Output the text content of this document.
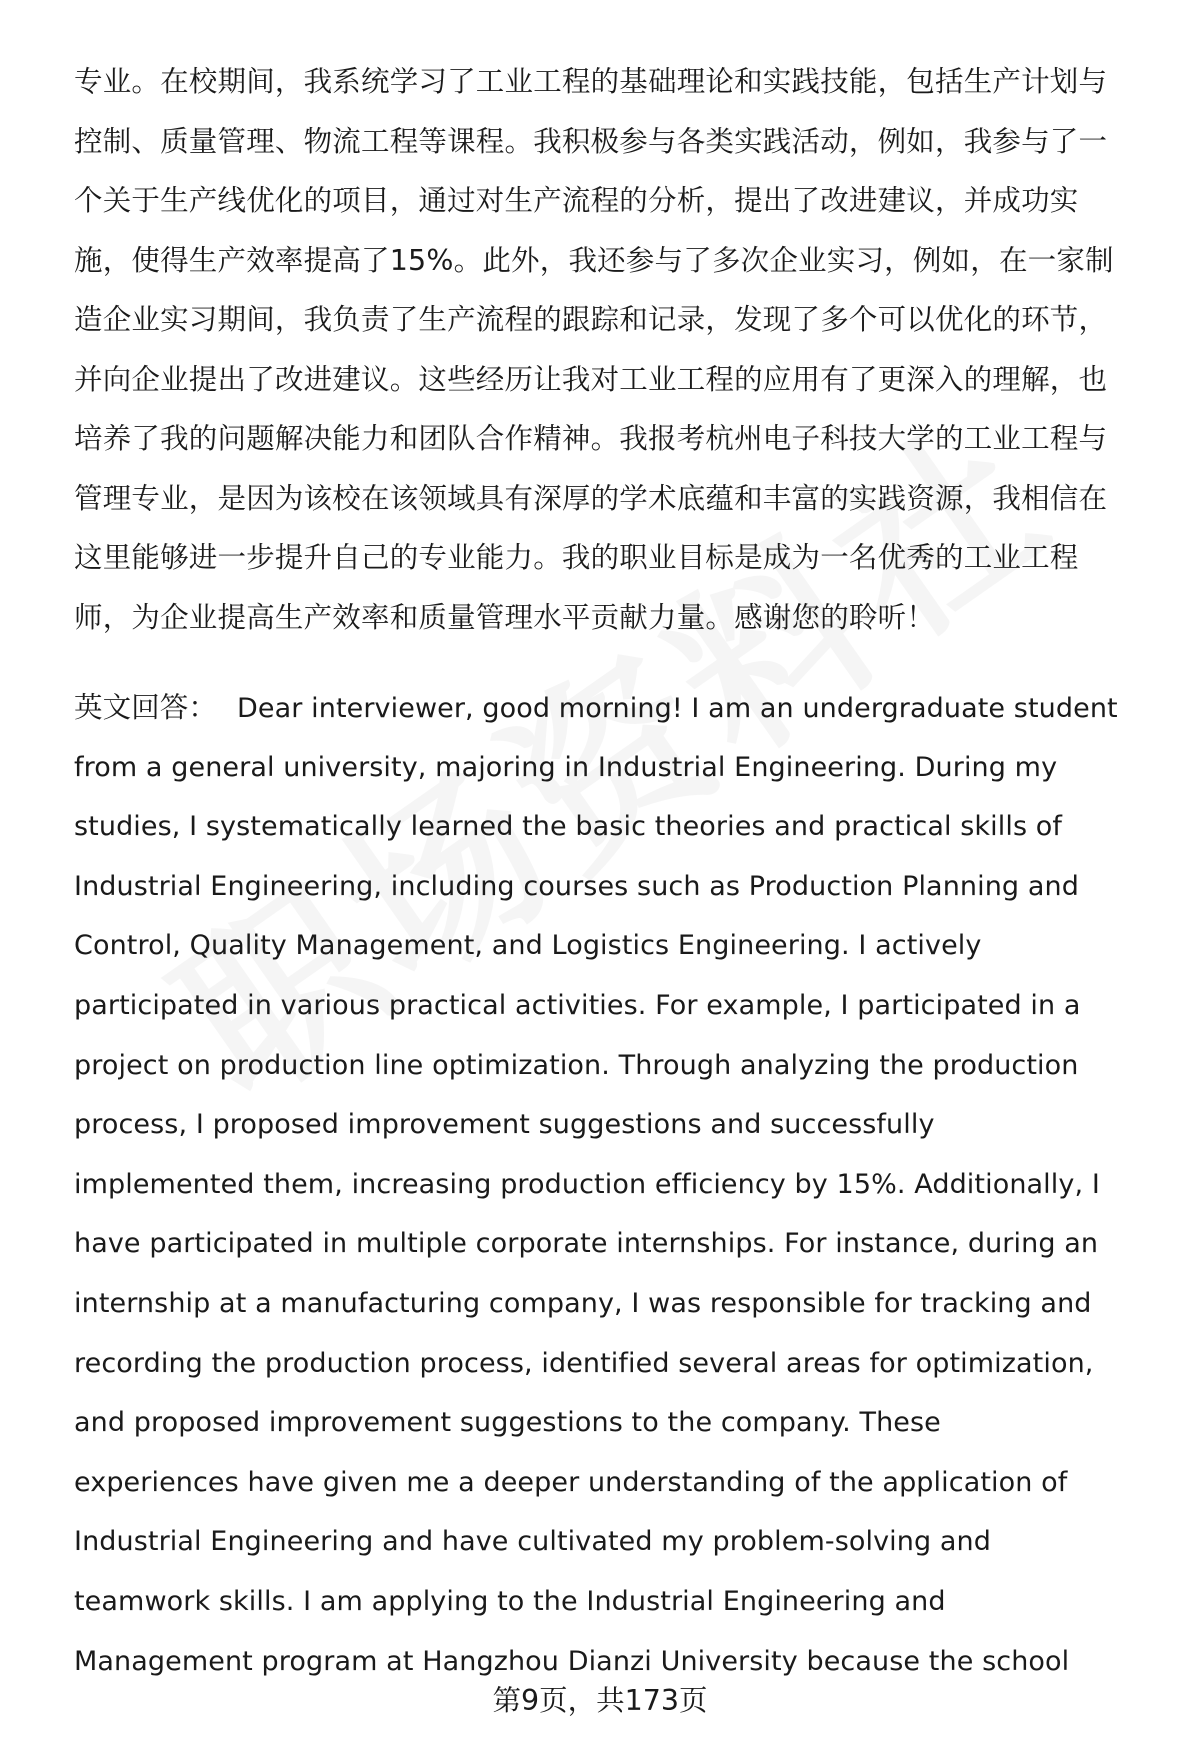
专业。在校期间，我系统学习了工业工程的基础理论和实践技能，包括生产计划与
控制、质量管理、物流工程等课程。我积极参与各类实践活动，例如，我参与了一
个关于生产线优化的项目，通过对生产流程的分析，提出了改进建议，并成功实
施，使得生产效率提高了15%。此外，我还参与了多次企业实习，例如，在一家制
造企业实习期间，我负责了生产流程的跟踪和记录，发现了多个可以优化的环节，
并向企业提出了改进建议。这些经历让我对工业工程的应用有了更深入的理解，也
培养了我的问题解决能力和团队合作精神。我报考杭州电子科技大学的工业工程与
管理专业，是因为该校在该领域具有深厚的学术底蕴和丰富的实践资源，我相信在
这里能够进一步提升自己的专业能力。我的职业目标是成为一名优秀的工业工程
师，为企业提高生产效率和质量管理水平贡献力量。感谢您的聆听！
英文回答： Dear interviewer, good morning! I am an undergraduate student
from a general university, majoring in Industrial Engineering. During my
studies, I systematically learned the basic theories and practical skills of
Industrial Engineering, including courses such as Production Planning and
Control, Quality Management, and Logistics Engineering. I actively
participated in various practical activities. For example, I participated in a
project on production line optimization. Through analyzing the production
process, I proposed improvement suggestions and successfully
implemented them, increasing production efficiency by 15%. Additionally, I
have participated in multiple corporate internships. For instance, during an
internship at a manufacturing company, I was responsible for tracking and
recording the production process, identified several areas for optimization,
and proposed improvement suggestions to the company. These
experiences have given me a deeper understanding of the application of
Industrial Engineering and have cultivated my problem-solving and
teamwork skills. I am applying to the Industrial Engineering and
Management program at Hangzhou Dianzi University because the school
第9页，共173页
